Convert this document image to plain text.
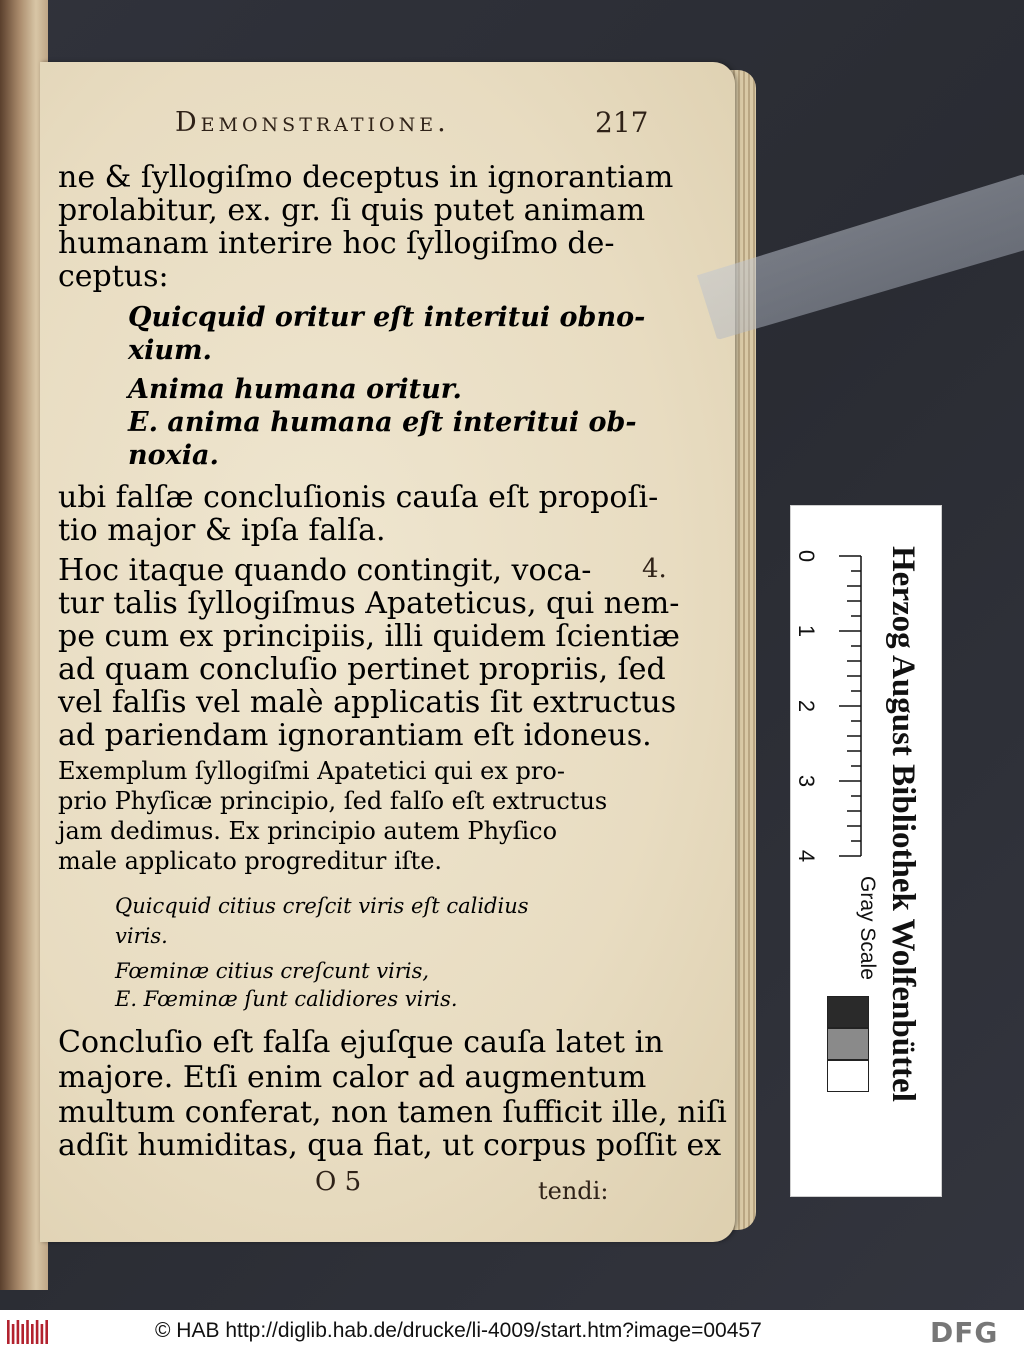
Demonstratione.	217
ne & ſyllogiſmo deceptus in ignorantiam
prolabitur, ex. gr. ſi quis putet animam
humanam interire hoc ſyllogiſmo de-
ceptus:
Quicquid oritur eſt interitui obno-
xium.
Anima humana oritur.
E. anima humana eſt interitui ob-
noxia.
ubi falſæ concluſionis cauſa eſt propoſi-
tio major & ipſa falſa.
Hoc itaque quando contingit, voca-
tur talis ſyllogiſmus Apateticus, qui nem-
pe cum ex principiis, illi quidem ſcientiæ
ad quam concluſio pertinet propriis, ſed
vel falſis vel malè applicatis ſit extructus
ad pariendam ignorantiam eſt idoneus.
Exemplum ſyllogiſmi Apatetici qui ex pro-
prio Phyſicæ principio, ſed falſo eſt extructus
jam dedimus. Ex principio autem Phyſico
male applicato progreditur iſte.
Quicquid citius creſcit viris eſt calidius
viris.
Fœminæ citius creſcunt viris,
E. Fœminæ ſunt calidiores viris.
Concluſio eſt falſa ejuſque cauſa latet in
majore. Etſi enim calor ad augmentum
multum conferat, non tamen ſufficit ille, niſi
adſit humiditas, qua fiat, ut corpus poſſit ex
4.
O 5	tendi:
0
1
2
3
4 Herzog August Bibliothek Wolfenbüttel
Gray Scale
© HAB http://diglib.hab.de/drucke/li-4009/start.htm?image=00457	DFG
